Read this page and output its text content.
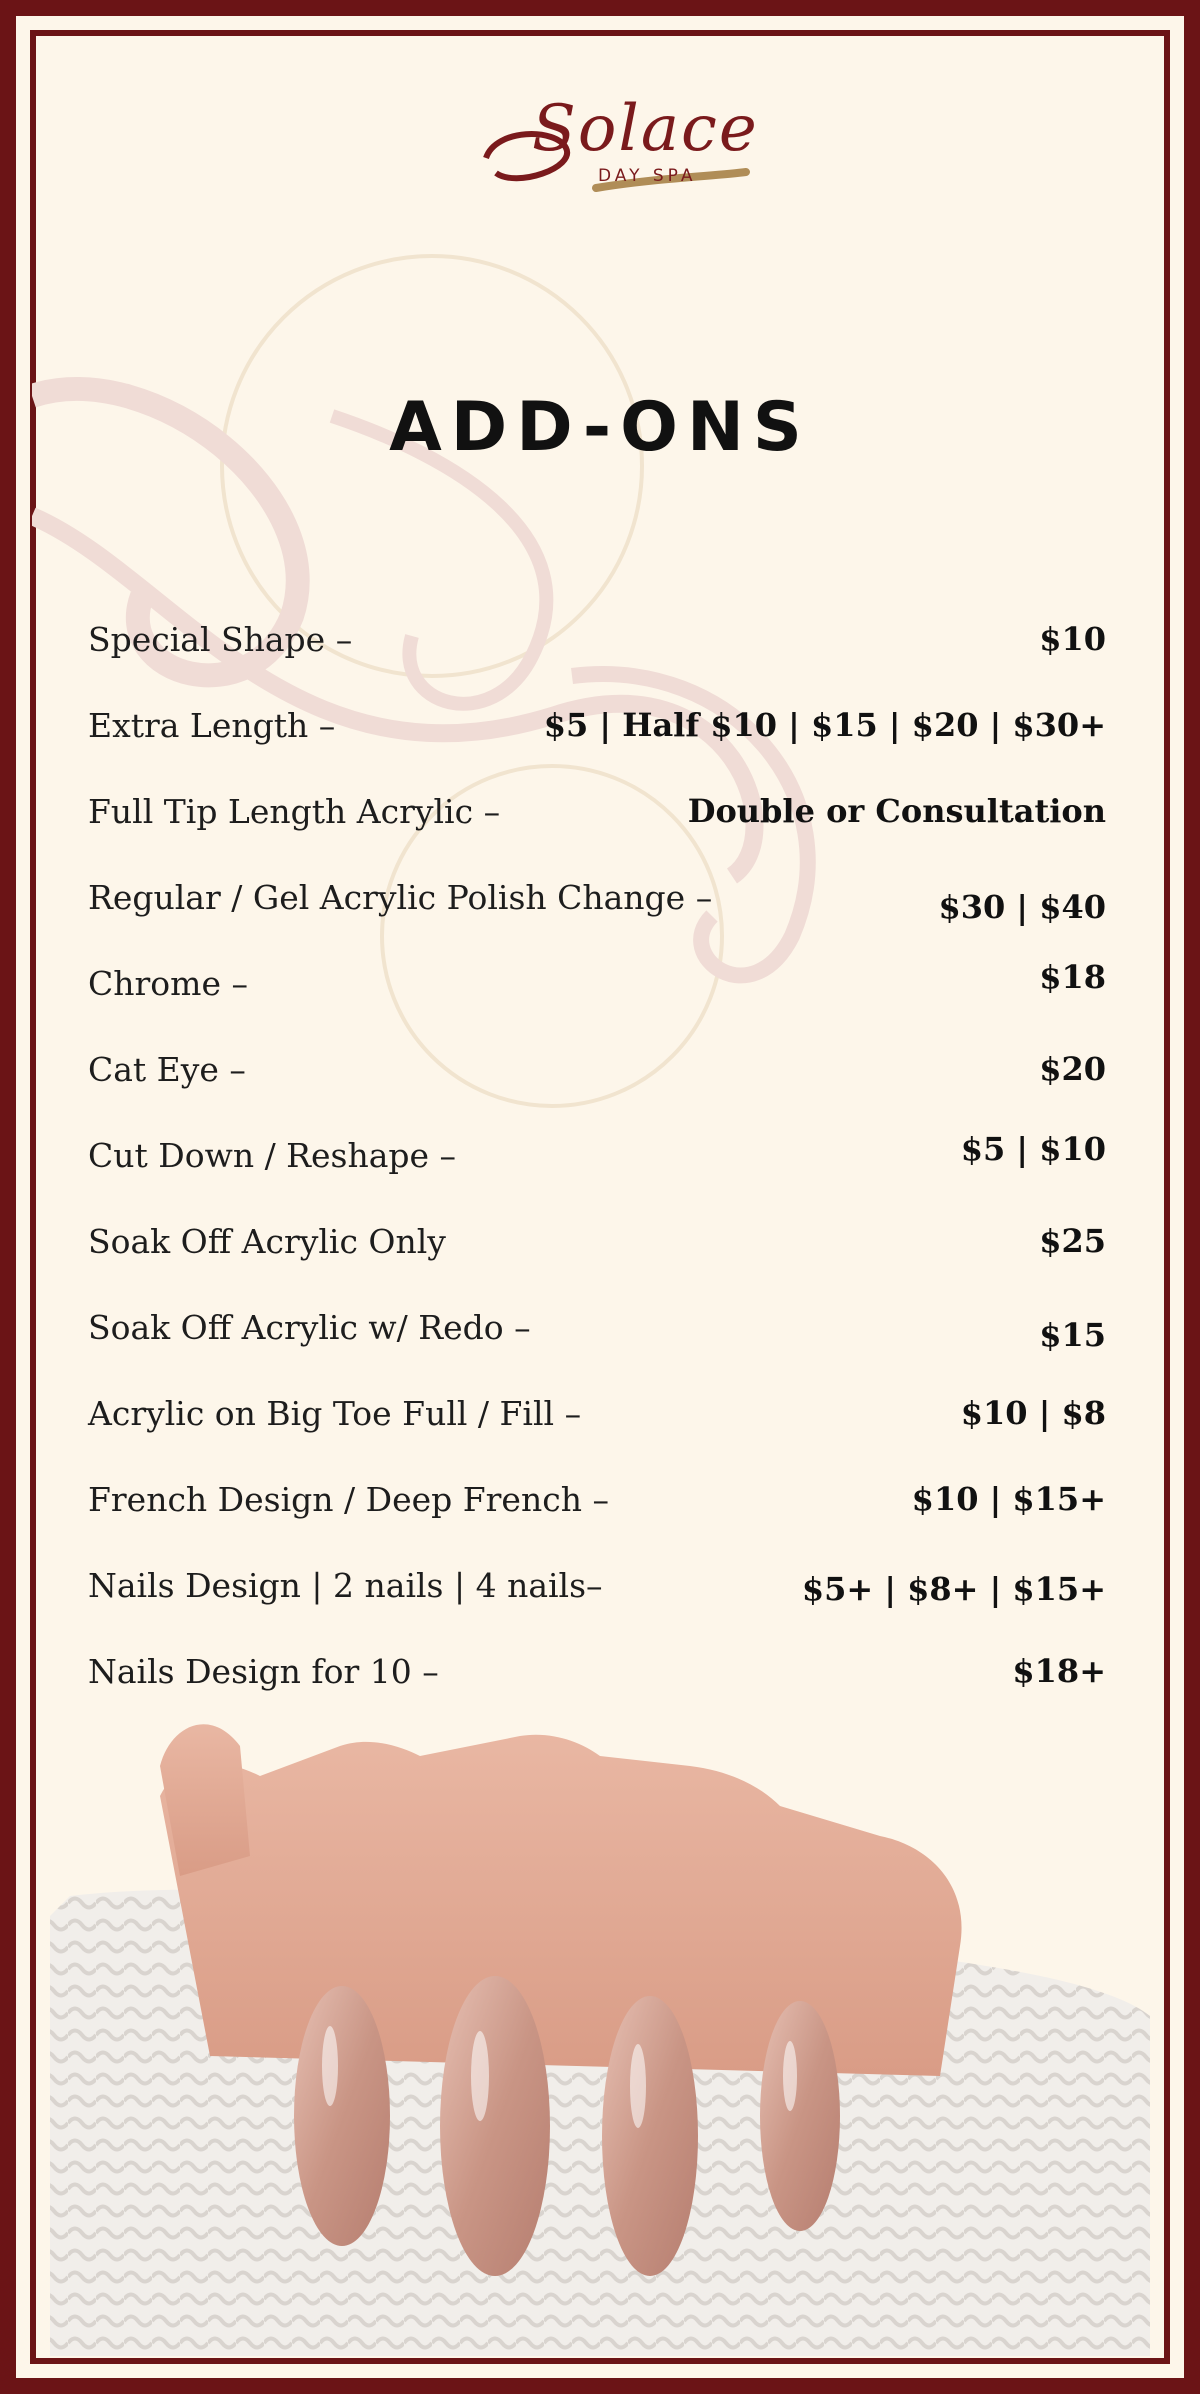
Solace
DAY SPA
ADD-ONS
Special Shape –	$10
Extra Length –	$5 | Half $10 | $15 | $20 | $30+
Full Tip Length Acrylic –	Double or Consultation
Regular / Gel Acrylic Polish Change –	$30 | $40
Chrome –	$18
Cat Eye –	$20
Cut Down / Reshape –	$5 | $10
Soak Off Acrylic Only	$25
Soak Off Acrylic w/ Redo –	$15
Acrylic on Big Toe Full / Fill –	$10 | $8
French Design / Deep French –	$10 | $15+
Nails Design | 2 nails | 4 nails–	$5+ | $8+ | $15+
Nails Design for 10 –	$18+
